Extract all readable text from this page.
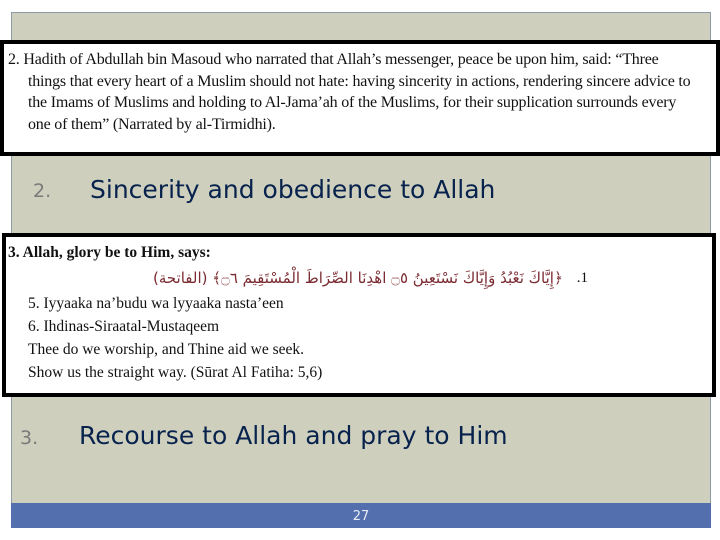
2. Hadith of Abdullah bin Masoud who narrated that Allah’s messenger, peace be upon him, said: “Three
things that every heart of a Muslim should not hate: having sincerity in actions, rendering sincere advice to
the Imams of Muslims and holding to Al-Jama’ah of the Muslims, for their supplication surrounds every
one of them” (Narrated by al-Tirmidhi).
2. Sincerity and obedience to Allah
3. Allah, glory be to Him, says:
﴿إِيَّاكَ نَعْبُدُ وَإِيَّاكَ نَسْتَعِينُ ۝٥ اهْدِنَا الصِّرَاطَ الْمُسْتَقِيمَ ۝٦﴾ (الفاتحة) .1
5. Iyyaaka na’budu wa lyyaaka nasta’een
6. Ihdinas-Siraatal-Mustaqeem
Thee do we worship, and Thine aid we seek.
Show us the straight way. (Sūrat Al Fatiha: 5,6)
3. Recourse to Allah and pray to Him
27
